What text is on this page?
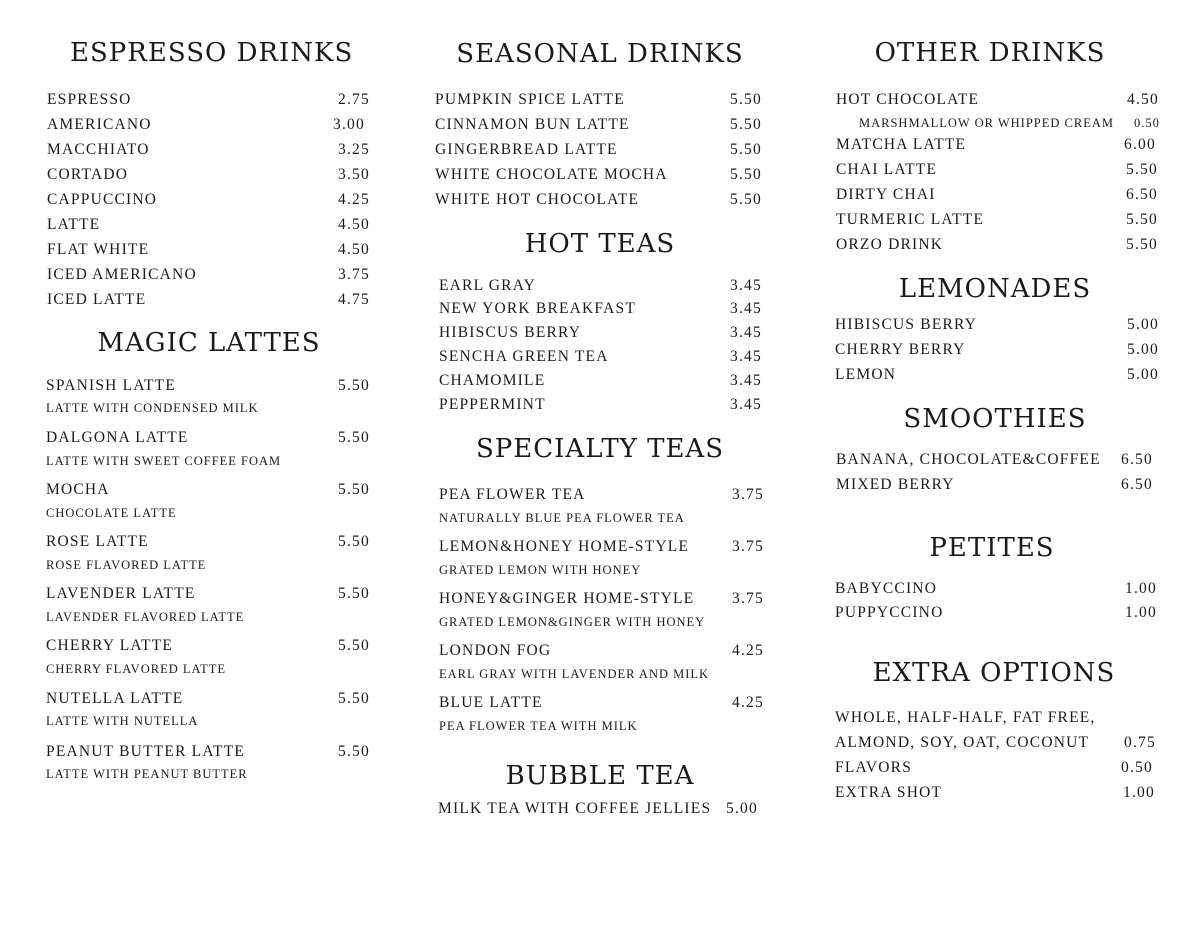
ESPRESSO DRINKS
ESPRESSO	2.75
AMERICANO	3.00
MACCHIATO	3.25
CORTADO	3.50
CAPPUCCINO	4.25
LATTE	4.50
FLAT WHITE	4.50
ICED AMERICANO	3.75
ICED LATTE	4.75
MAGIC LATTES
SPANISH LATTE	5.50
LATTE WITH CONDENSED MILK
DALGONA LATTE	5.50
LATTE WITH SWEET COFFEE FOAM
MOCHA	5.50
CHOCOLATE LATTE
ROSE LATTE	5.50
ROSE FLAVORED LATTE
LAVENDER LATTE	5.50
LAVENDER FLAVORED LATTE
CHERRY LATTE	5.50
CHERRY FLAVORED LATTE
NUTELLA LATTE	5.50
LATTE WITH NUTELLA
PEANUT BUTTER LATTE	5.50
LATTE WITH PEANUT BUTTER
SEASONAL DRINKS
PUMPKIN SPICE LATTE	5.50
CINNAMON BUN LATTE	5.50
GINGERBREAD LATTE	5.50
WHITE CHOCOLATE MOCHA	5.50
WHITE HOT CHOCOLATE	5.50
HOT TEAS
EARL GRAY	3.45
NEW YORK BREAKFAST	3.45
HIBISCUS BERRY	3.45
SENCHA GREEN TEA	3.45
CHAMOMILE	3.45
PEPPERMINT	3.45
SPECIALTY TEAS
PEA FLOWER TEA	3.75
NATURALLY BLUE PEA FLOWER TEA
LEMON&HONEY HOME-STYLE	3.75
GRATED LEMON WITH HONEY
HONEY&GINGER HOME-STYLE 3.75
GRATED LEMON&GINGER WITH HONEY
LONDON FOG	4.25
EARL GRAY WITH LAVENDER AND MILK
BLUE LATTE	4.25
PEA FLOWER TEA WITH MILK
BUBBLE TEA
MILK TEA WITH COFFEE JELLIES 5.00
OTHER DRINKS
HOT CHOCOLATE	4.50
MARSHMALLOW OR WHIPPED CREAM 0.50
MATCHA LATTE	6.00
CHAI LATTE	5.50
DIRTY CHAI	6.50
TURMERIC LATTE	5.50
ORZO DRINK	5.50
LEMONADES
HIBISCUS BERRY	5.00
CHERRY BERRY	5.00
LEMON	5.00
SMOOTHIES
BANANA, CHOCOLATE&COFFEE 6.50
MIXED BERRY	6.50
PETITES
BABYCCINO	1.00
PUPPYCCINO	1.00
EXTRA OPTIONS
WHOLE, HALF-HALF, FAT FREE,
ALMOND, SOY, OAT, COCONUT 0.75
FLAVORS	0.50
EXTRA SHOT	1.00
